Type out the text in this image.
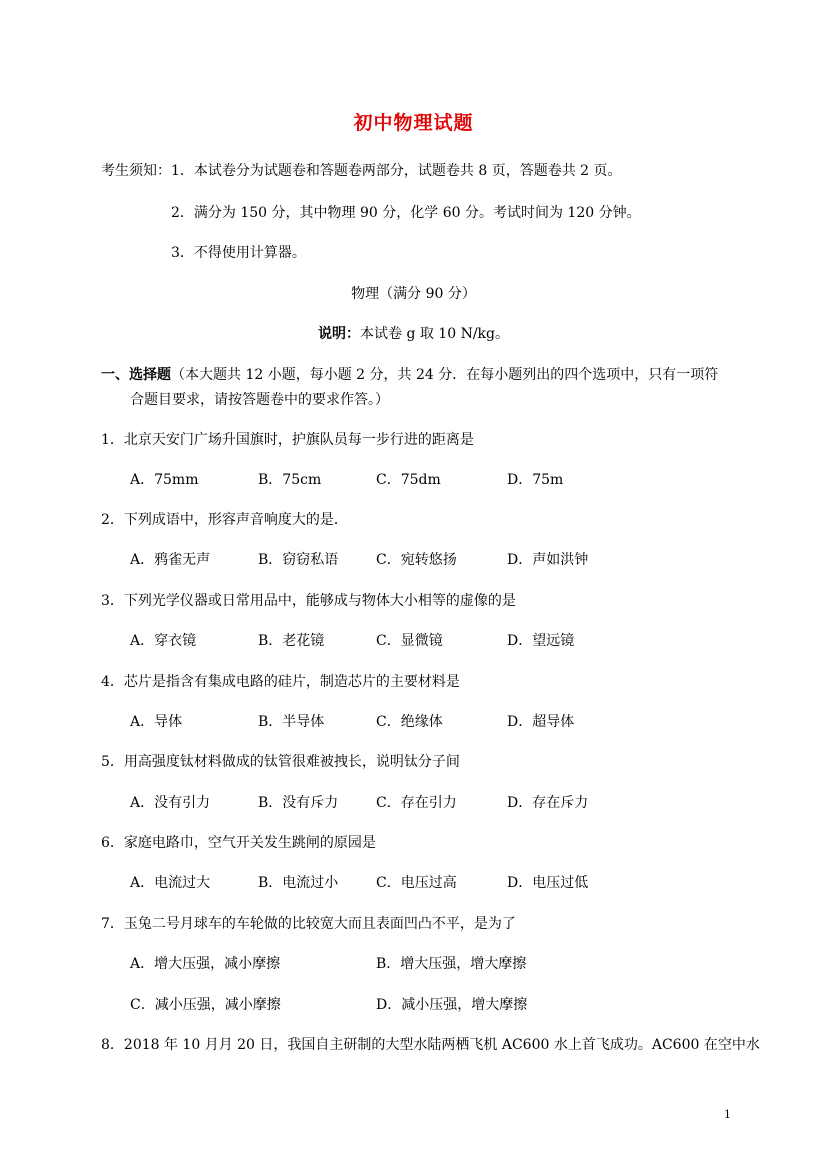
初中物理试题
考生须知： 1．本试卷分为试题卷和答题卷两部分，试题卷共 8 页，答题卷共 2 页。
2．满分为 150 分，其中物理 90 分，化学 60 分。考试时间为 120 分钟。
3．不得使用计算器。
物理（满分 90 分）
说明：本试卷 g 取 10 N/kg。
一、选择题（本大题共 12 小题，每小题 2 分，共 24 分．在每小题列出的四个选项中，只有一项符
合题目要求，请按答题卷中的要求作答。）
1．北京天安门广场升国旗时，护旗队员每一步行进的距离是
A．75mm	B．75cm	C．75dm	D．75m
2．下列成语中，形容声音响度大的是．
A．鸦雀无声	B．窃窃私语	C．宛转悠扬	D．声如洪钟
3．下列光学仪器或日常用品中，能够成与物体大小相等的虚像的是
A．穿衣镜	B．老花镜	C．显微镜	D．望远镜
4．芯片是指含有集成电路的硅片，制造芯片的主要材料是
A．导体	B．半导体	C．绝缘体	D．超导体
5．用高强度钛材料做成的钛管很难被拽长，说明钛分子间
A．没有引力	B．没有斥力	C．存在引力	D．存在斥力
6．家庭电路巾，空气开关发生跳闸的原园是
A．电流过大	B．电流过小	C．电压过高	D．电压过低
7．玉兔二号月球车的车轮做的比较宽大而且表面凹凸不平，是为了
A．增大压强，减小摩擦	B．增大压强，增大摩擦
C．减小压强，减小摩擦	D．减小压强，增大摩擦
8．2018 年 10 月月 20 日，我国自主研制的大型水陆两栖飞机 AC600 水上首飞成功。AC600 在空中水
1
